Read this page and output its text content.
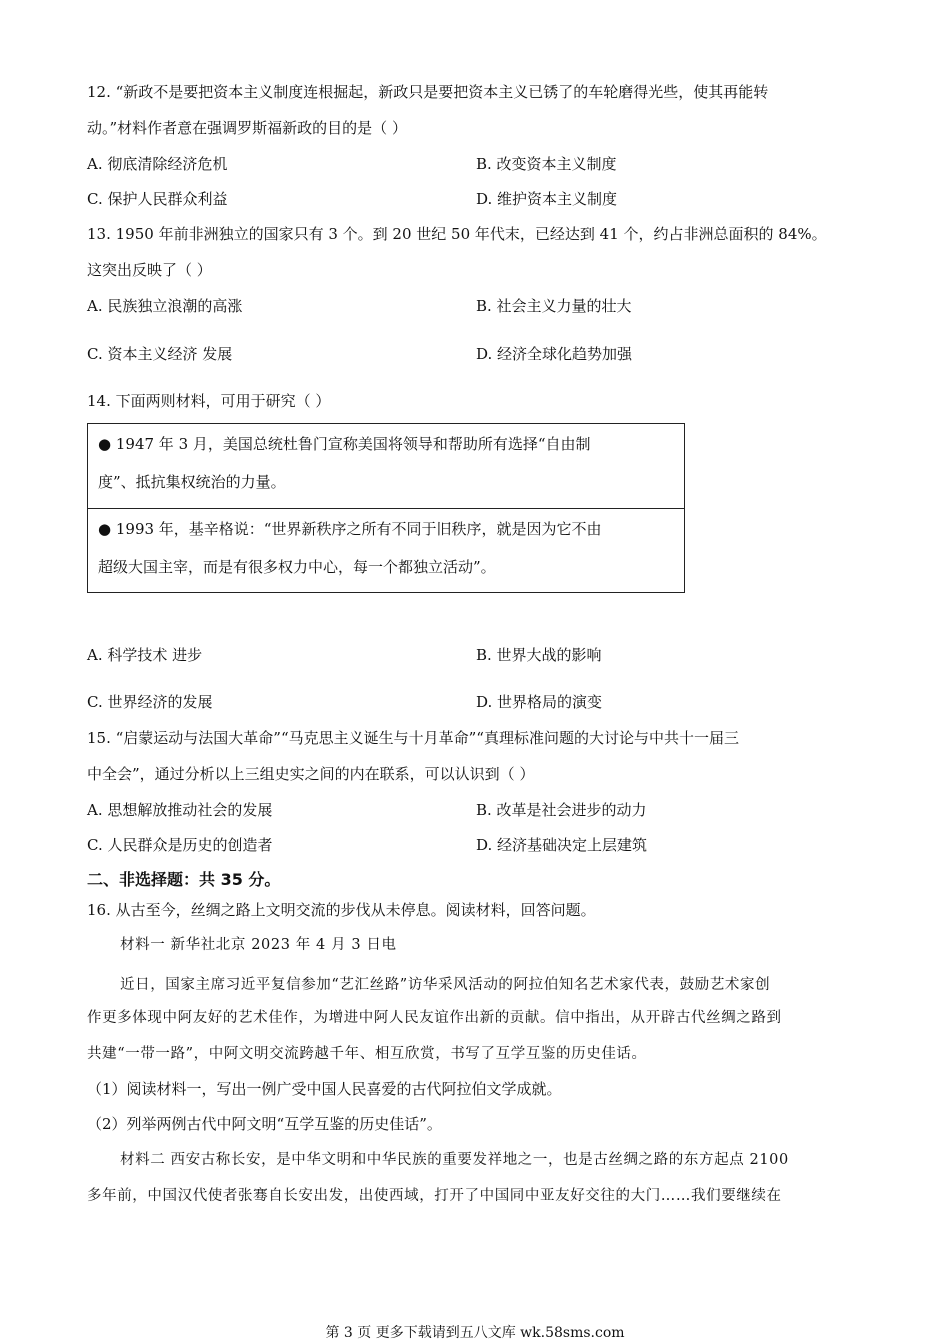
12. “新政不是要把资本主义制度连根掘起，新政只是要把资本主义已锈了的车轮磨得光些，使其再能转
动。”材料作者意在强调罗斯福新政的目的是（ ）
A. 彻底清除经济危机	B. 改变资本主义制度
C. 保护人民群众利益	D. 维护资本主义制度
13. 1950 年前非洲独立的国家只有 3 个。到 20 世纪 50 年代末，已经达到 41 个，约占非洲总面积的 84%。
这突出反映了（ ）
A. 民族独立浪潮的高涨	B. 社会主义力量的壮大
C. 资本主义经济 发展	D. 经济全球化趋势加强
14. 下面两则材料，可用于研究（ ）
● 1947 年 3 月，美国总统杜鲁门宣称美国将领导和帮助所有选择“自由制
度”、抵抗集权统治的力量。
● 1993 年，基辛格说：“世界新秩序之所有不同于旧秩序，就是因为它不由
超级大国主宰，而是有很多权力中心，每一个都独立活动”。
A. 科学技术 进步	B. 世界大战的影响
C. 世界经济的发展	D. 世界格局的演变
15. “启蒙运动与法国大革命”“马克思主义诞生与十月革命”“真理标准问题的大讨论与中共十一届三
中全会”，通过分析以上三组史实之间的内在联系，可以认识到（ ）
A. 思想解放推动社会的发展	B. 改革是社会进步的动力
C. 人民群众是历史的创造者	D. 经济基础决定上层建筑
二、非选择题：共 35 分。
16. 从古至今，丝绸之路上文明交流的步伐从未停息。阅读材料，回答问题。
材料一 新华社北京 2023 年 4 月 3 日电
近日，国家主席习近平复信参加“艺汇丝路”访华采风活动的阿拉伯知名艺术家代表，鼓励艺术家创
作更多体现中阿友好的艺术佳作，为增进中阿人民友谊作出新的贡献。信中指出，从开辟古代丝绸之路到
共建“一带一路”，中阿文明交流跨越千年、相互欣赏，书写了互学互鉴的历史佳话。
（1）阅读材料一，写出一例广受中国人民喜爱的古代阿拉伯文学成就。
（2）列举两例古代中阿文明“互学互鉴的历史佳话”。
材料二 西安古称长安，是中华文明和中华民族的重要发祥地之一，也是古丝绸之路的东方起点 2100
多年前，中国汉代使者张骞自长安出发，出使西域，打开了中国同中亚友好交往的大门……我们要继续在
第 3 页 更多下载请到五八文库 wk.58sms.com
